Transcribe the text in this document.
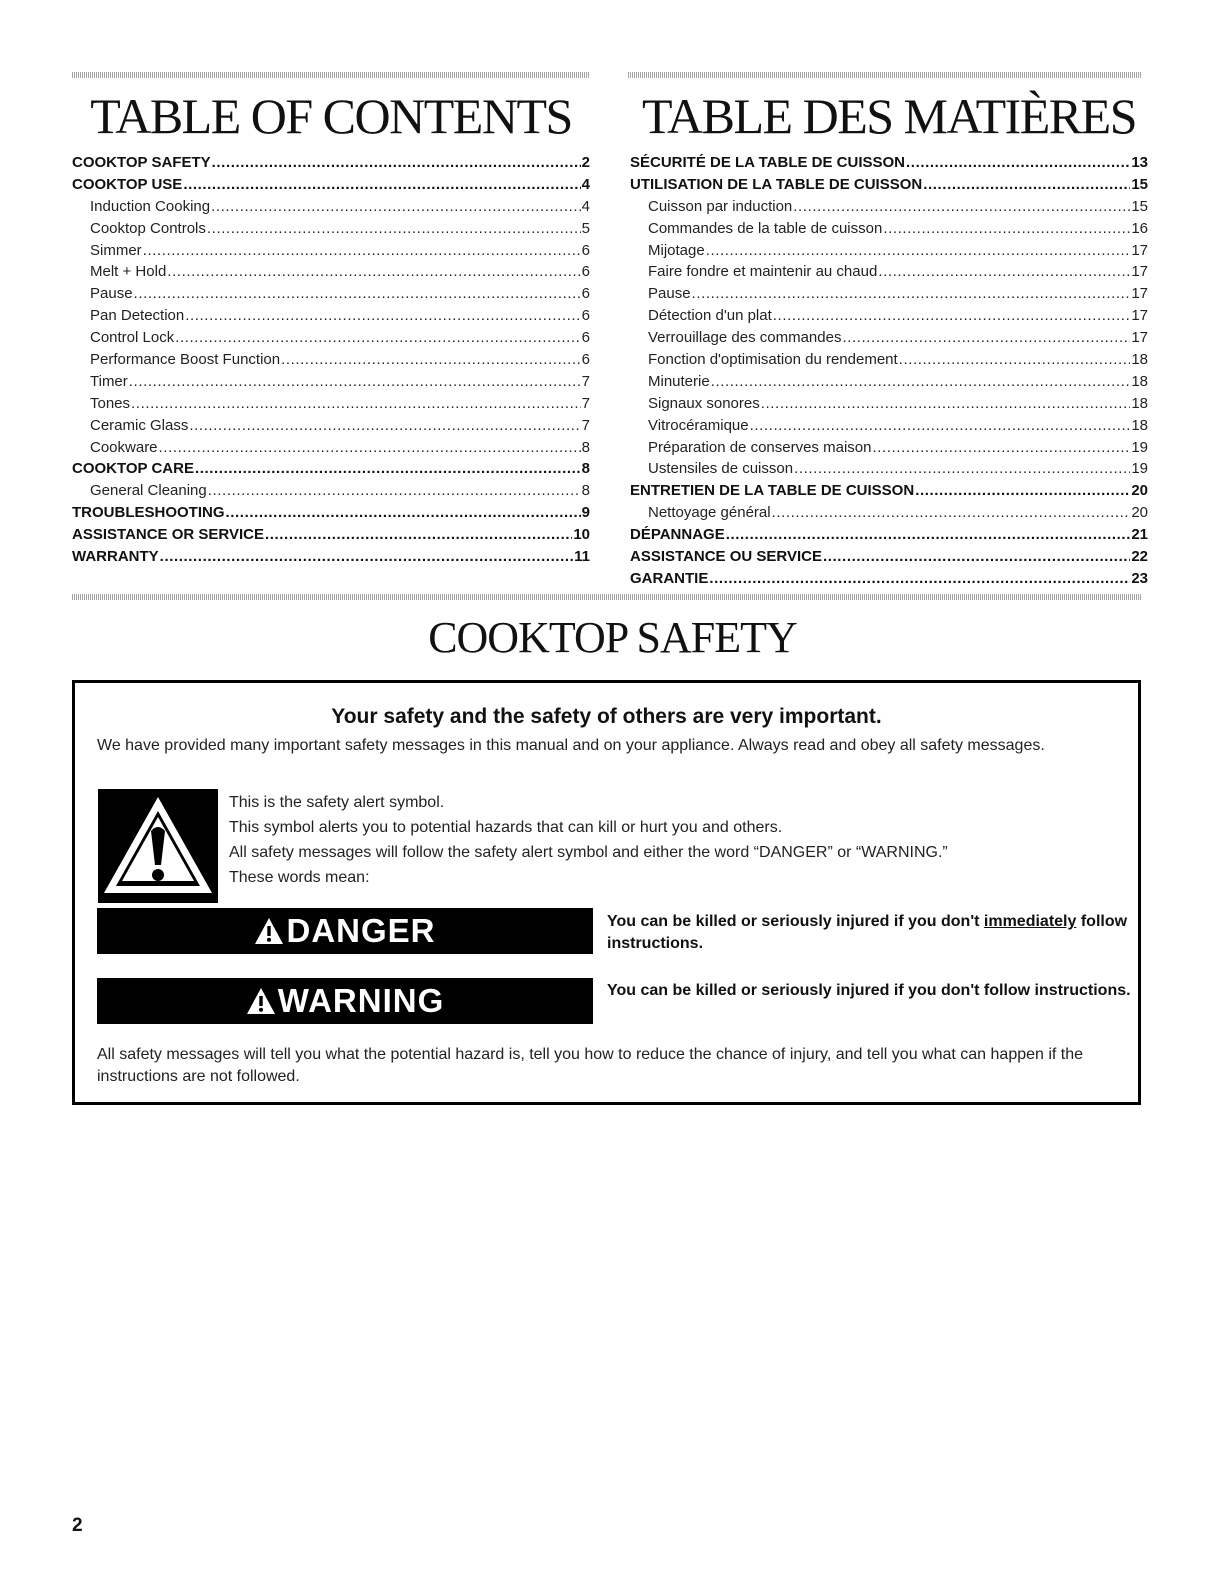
TABLE OF CONTENTS
COOKTOP SAFETY .....	2
COOKTOP USE .....	4
Induction Cooking .....	4
Cooktop Controls .....	5
Simmer .....	6
Melt + Hold .....	6
Pause .....	6
Pan Detection .....	6
Control Lock .....	6
Performance Boost Function .....	6
Timer .....	7
Tones .....	7
Ceramic Glass .....	7
Cookware .....	8
COOKTOP CARE .....	8
General Cleaning .....	8
TROUBLESHOOTING .....	9
ASSISTANCE OR SERVICE .....	10
WARRANTY .....	11
TABLE DES MATIÈRES
SÉCURITÉ DE LA TABLE DE CUISSON .....	13
UTILISATION DE LA TABLE DE CUISSON .....	15
Cuisson par induction .....	15
Commandes de la table de cuisson .....	16
Mijotage .....	17
Faire fondre et maintenir au chaud .....	17
Pause .....	17
Détection d'un plat .....	17
Verrouillage des commandes .....	17
Fonction d'optimisation du rendement .....	18
Minuterie .....	18
Signaux sonores .....	18
Vitrocéramique .....	18
Préparation de conserves maison .....	19
Ustensiles de cuisson .....	19
ENTRETIEN DE LA TABLE DE CUISSON .....	20
Nettoyage général .....	20
DÉPANNAGE .....	21
ASSISTANCE OU SERVICE .....	22
GARANTIE .....	23
COOKTOP SAFETY
Your safety and the safety of others are very important.

We have provided many important safety messages in this manual and on your appliance. Always read and obey all safety messages.

This is the safety alert symbol.

This symbol alerts you to potential hazards that can kill or hurt you and others.

All safety messages will follow the safety alert symbol and either the word “DANGER” or “WARNING.”

These words mean:

DANGER	You can be killed or seriously injured if you don't immediately follow instructions.

WARNING	You can be killed or seriously injured if you don't follow instructions.

All safety messages will tell you what the potential hazard is, tell you how to reduce the chance of injury, and tell you what can happen if the instructions are not followed.

2
